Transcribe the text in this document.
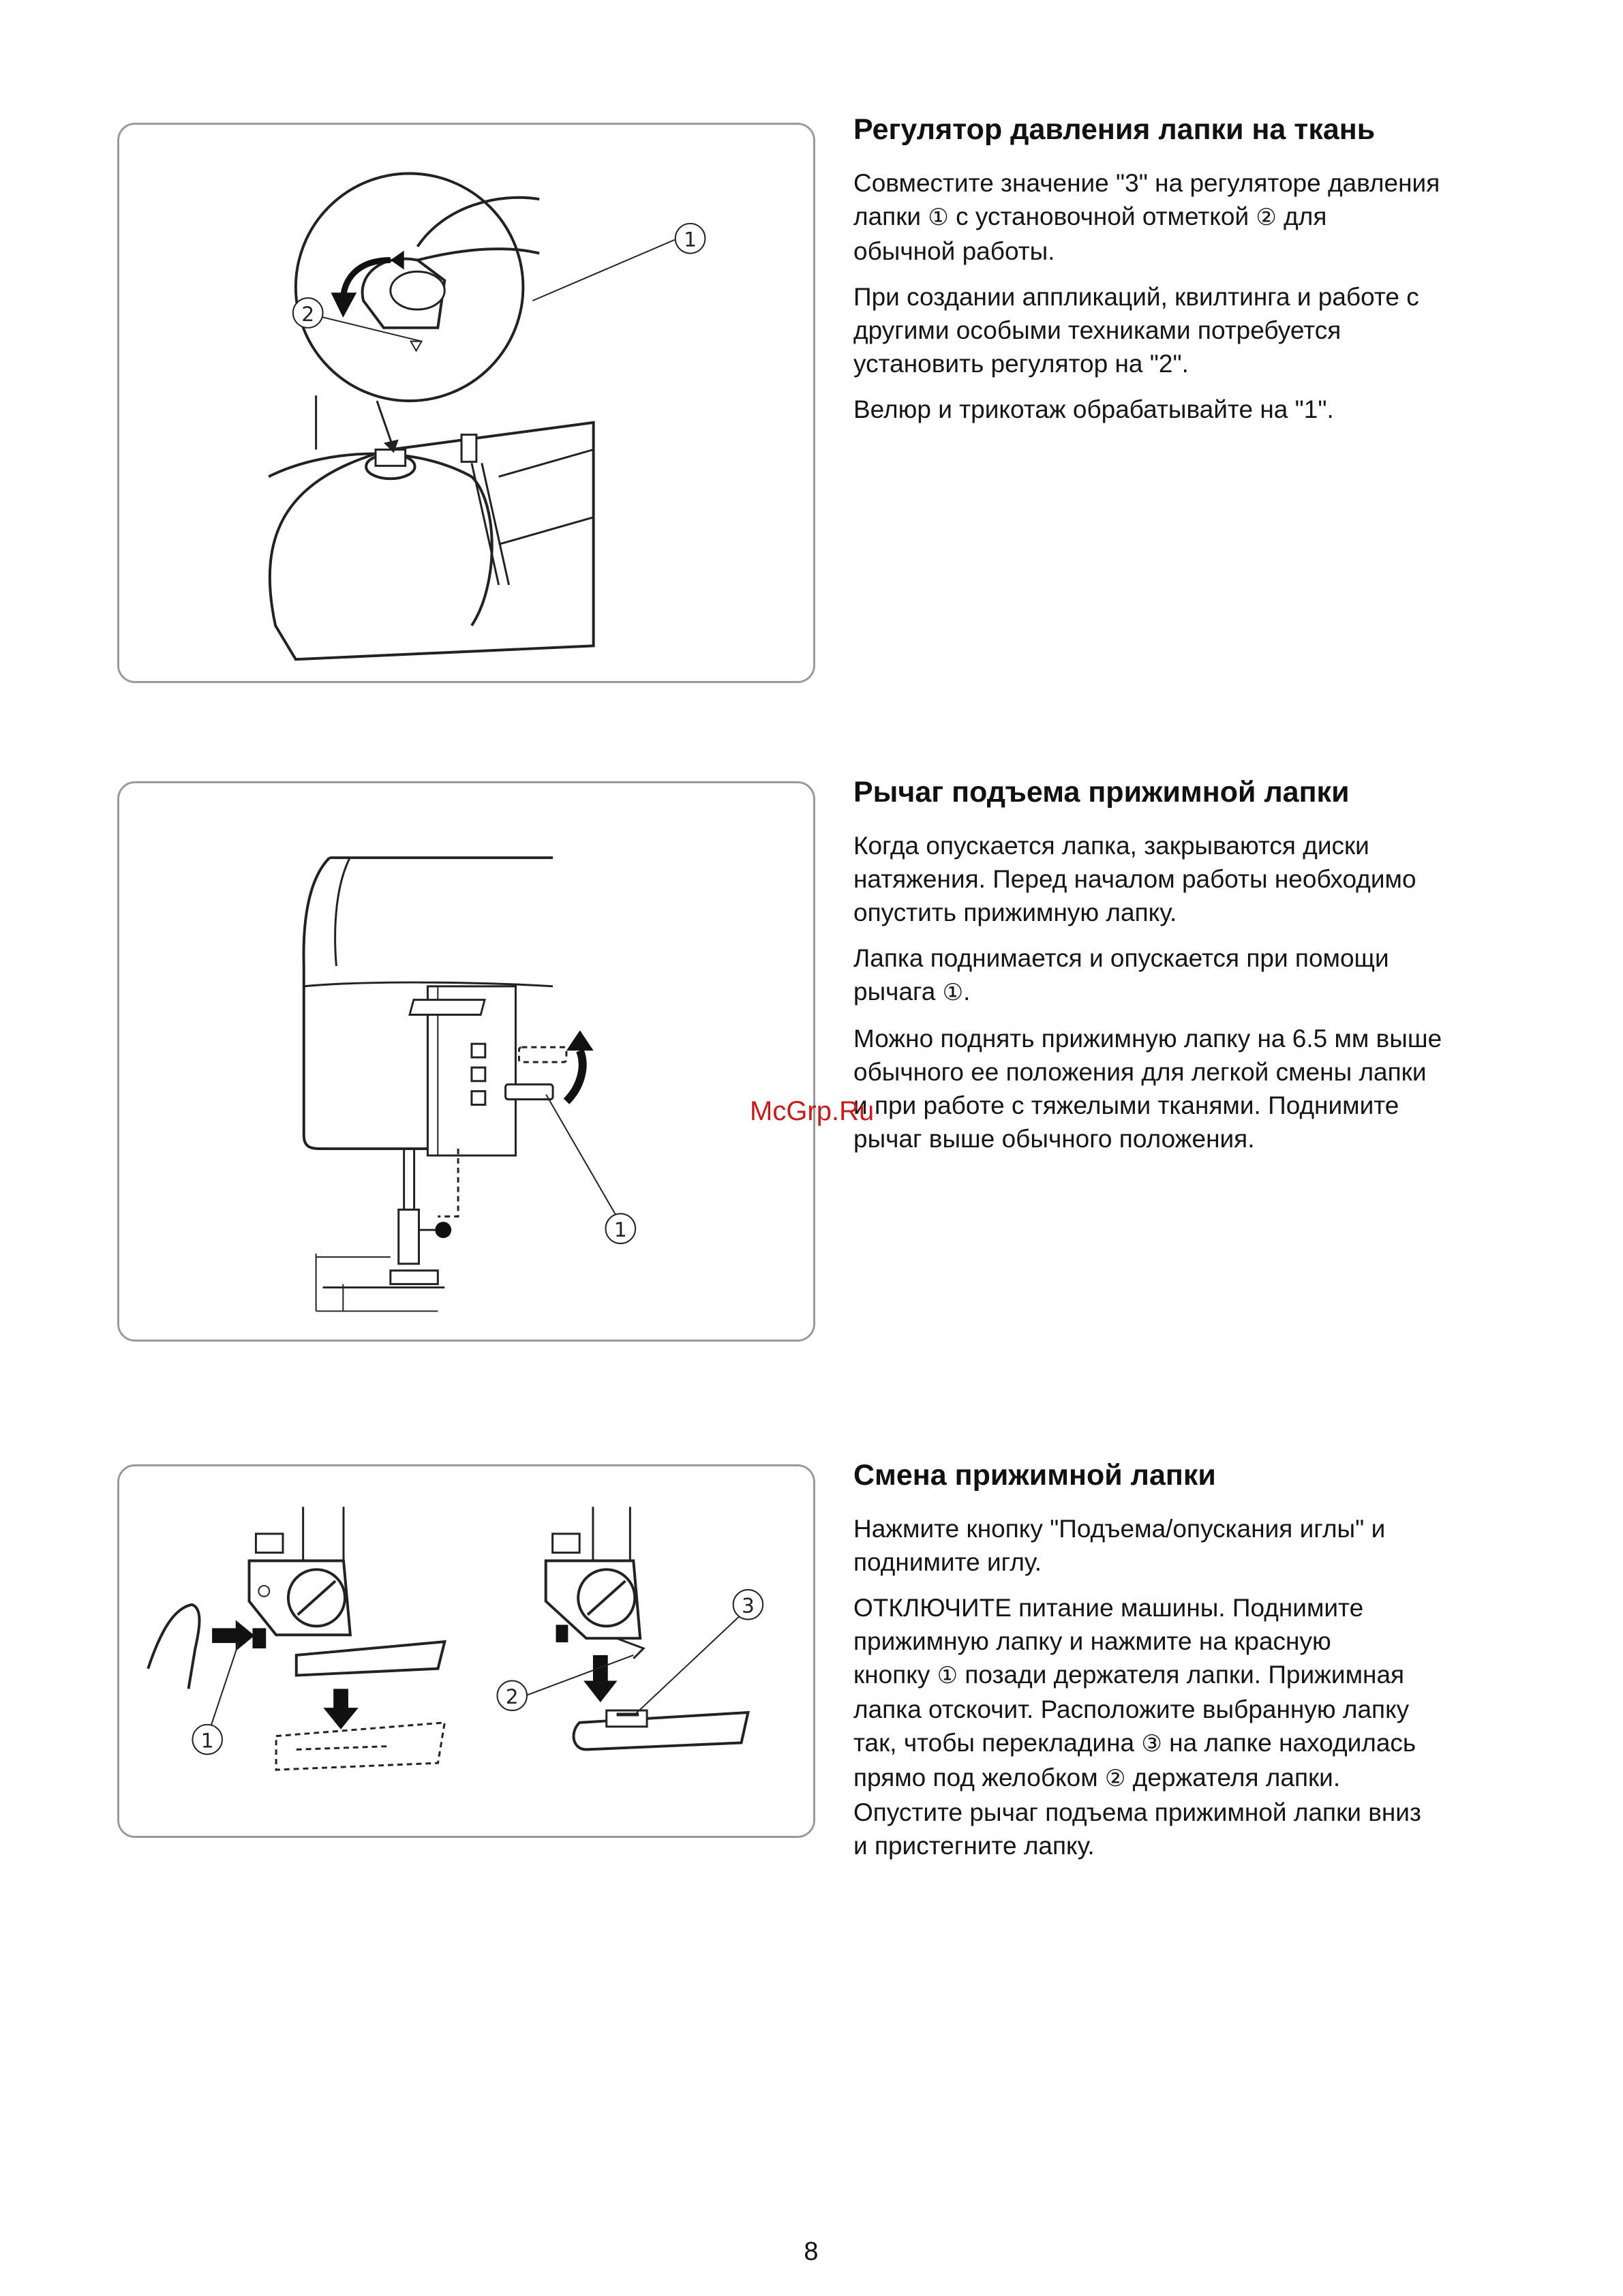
1
2
Регулятор давления лапки на ткань
Совместите значение "3" на регуляторе давления
лапки ① с установочной отметкой ② для
обычной работы.
При создании аппликаций, квилтинга и работе с
другими особыми техниками потребуется
установить регулятор на "2".
Велюр и трикотаж обрабатывайте на "1".
1
Рычаг подъема прижимной лапки
Когда опускается лапка, закрываются диски
натяжения. Перед началом работы необходимо
опустить прижимную лапку.
Лапка поднимается и опускается при помощи
рычага ①.
Можно поднять прижимную лапку на 6.5 мм выше
обычного ее положения для легкой смены лапки
и при работе с тяжелыми тканями. Поднимите
рычаг выше обычного положения.
1
2
3
Смена прижимной лапки
Нажмите кнопку "Подъема/опускания иглы" и
поднимите иглу.
ОТКЛЮЧИТЕ питание машины. Поднимите
прижимную лапку и нажмите на красную
кнопку ① позади держателя лапки. Прижимная
лапка отскочит. Расположите выбранную лапку
так, чтобы перекладина ③ на лапке находилась
прямо под желобком ② держателя лапки.
Опустите рычаг подъема прижимной лапки вниз
и пристегните лапку.
McGrp.Ru
8
